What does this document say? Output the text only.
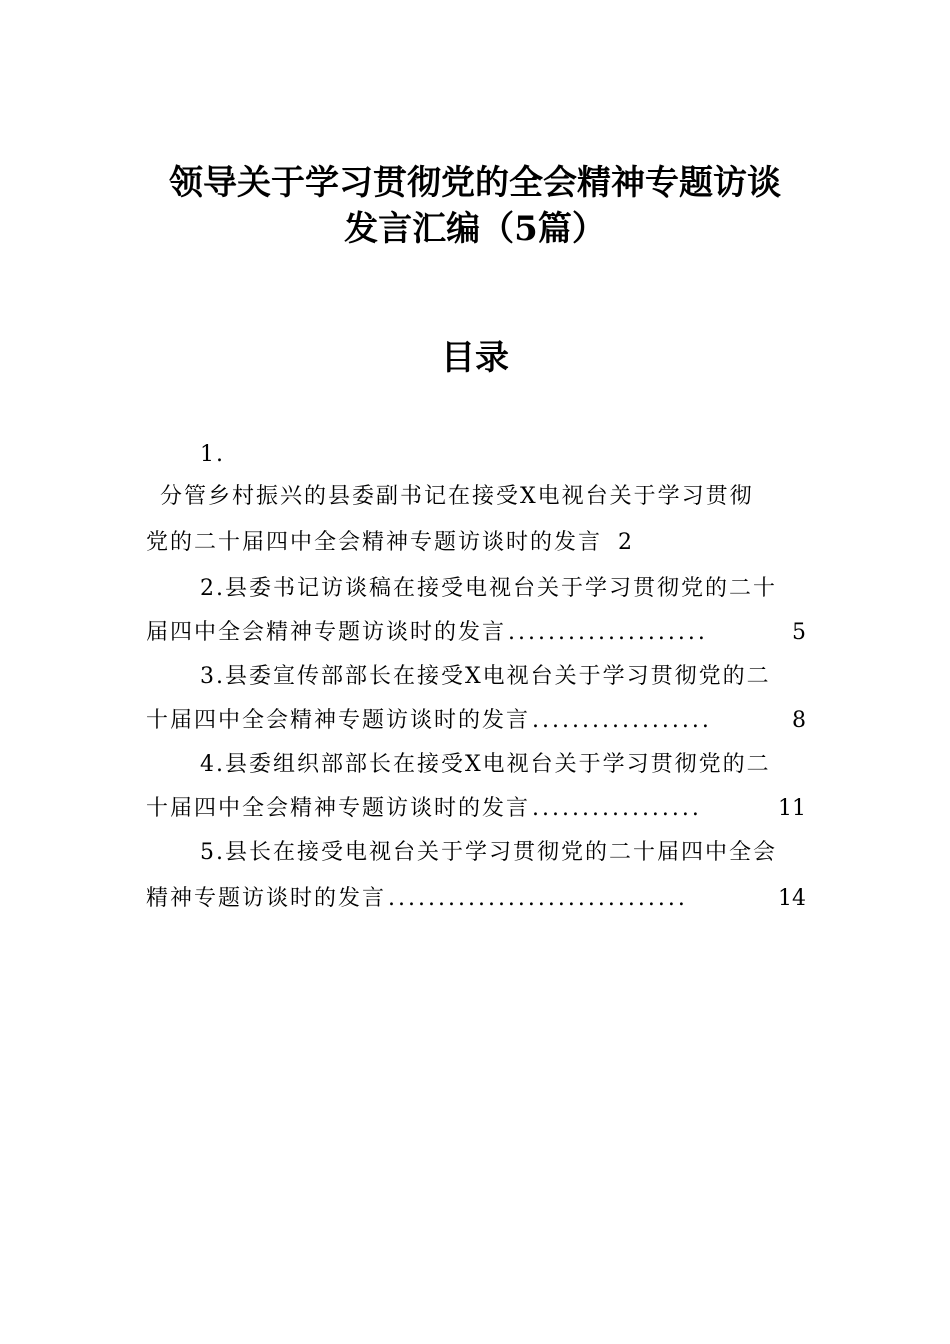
领导关于学习贯彻党的全会精神专题访谈
发言汇编（5篇）
目录
1.
分管乡村振兴的县委副书记在接受X电视台关于学习贯彻
党的二十届四中全会精神专题访谈时的发言 2
2.县委书记访谈稿在接受电视台关于学习贯彻党的二十
届四中全会精神专题访谈时的发言 ....................	5
3.县委宣传部部长在接受X电视台关于学习贯彻党的二
十届四中全会精神专题访谈时的发言 ..................	8
4.县委组织部部长在接受X电视台关于学习贯彻党的二
十届四中全会精神专题访谈时的发言 .................	11
5.县长在接受电视台关于学习贯彻党的二十届四中全会
精神专题访谈时的发言 ..............................	14
